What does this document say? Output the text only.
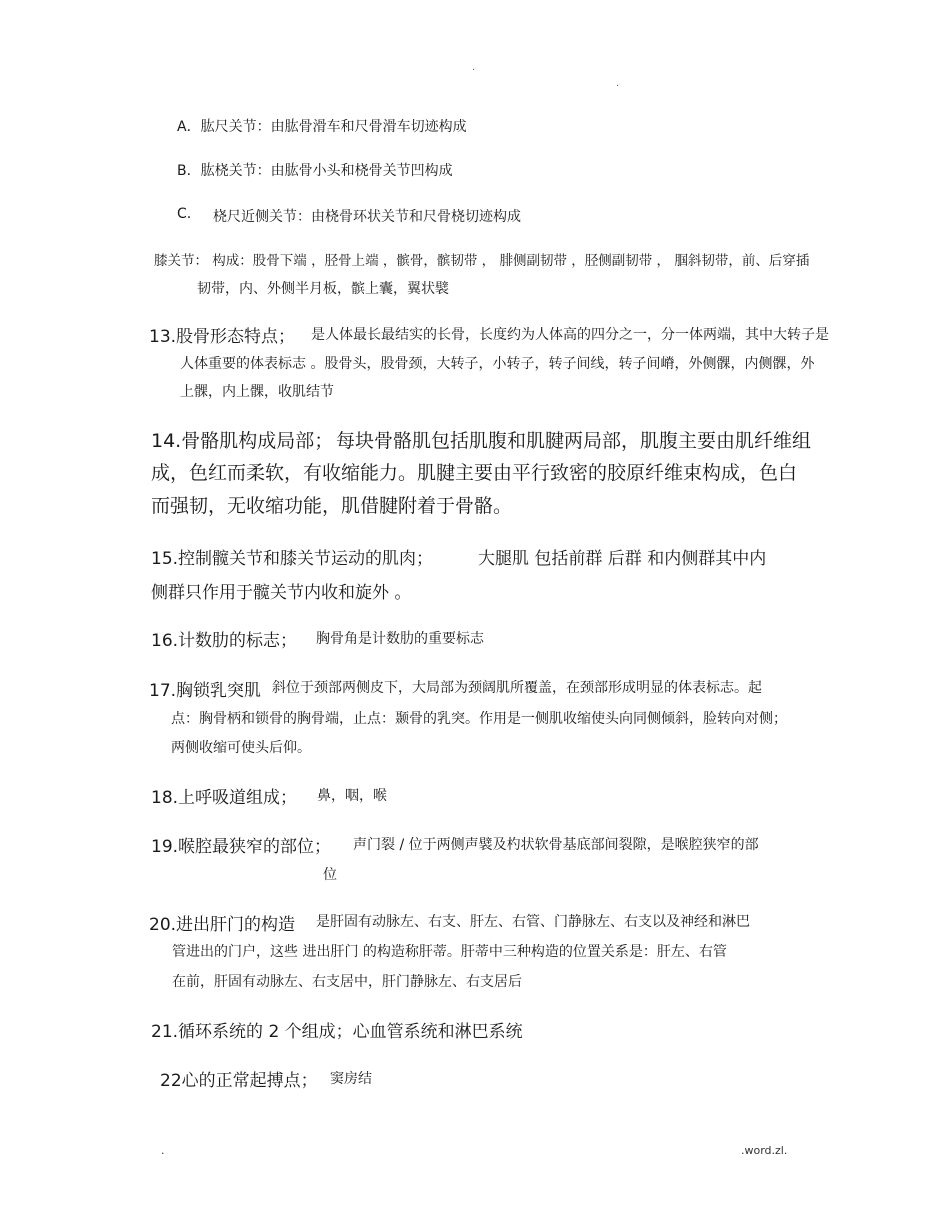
.
.
A．肱尺关节：由肱骨滑车和尺骨滑车切迹构成
B．肱桡关节：由肱骨小头和桡骨关节凹构成
C. 桡尺近侧关节：由桡骨环状关节和尺骨桡切迹构成
膝关节： 构成：股骨下端 ，胫骨上端 ，髌骨，髌韧带 ， 腓侧副韧带 ，胫侧副韧带 ， 腘斜韧带，前、后穿插
韧带，内、外侧半月板，髌上囊，翼状襞
13.股骨形态特点； 是人体最长最结实的长骨，长度约为人体高的四分之一，分一体两端，其中大转子是
人体重要的体表标志 。股骨头，股骨颈，大转子，小转子，转子间线，转子间嵴，外侧髁，内侧髁，外
上髁，内上髁，收肌结节
14.骨骼肌构成局部； 每块骨骼肌包括肌腹和肌腱两局部，肌腹主要由肌纤维组
成，色红而柔软，有收缩能力。肌腱主要由平行致密的胶原纤维束构成，色白
而强韧，无收缩功能，肌借腱附着于骨骼。
15.控制髋关节和膝关节运动的肌肉；	大腿肌 包括前群 后群 和内侧群其中内
侧群只作用于髋关节内收和旋外 。
16.计数肋的标志； 胸骨角是计数肋的重要标志
17.胸锁乳突肌 斜位于颈部两侧皮下，大局部为颈阔肌所覆盖，在颈部形成明显的体表标志。起
点：胸骨柄和锁骨的胸骨端，止点：颞骨的乳突。作用是一侧肌收缩使头向同侧倾斜，脸转向对侧；
两侧收缩可使头后仰。
18.上呼吸道组成； 鼻，咽，喉
19.喉腔最狭窄的部位； 声门裂 / 位于两侧声襞及杓状软骨基底部间裂隙，是喉腔狭窄的部
位
20.进出肝门的构造 是肝固有动脉左、右支、肝左、右管、门静脉左、右支以及神经和淋巴
管进出的门户，这些 进出肝门 的构造称肝蒂。肝蒂中三种构造的位置关系是：肝左、右管
在前，肝固有动脉左、右支居中，肝门静脉左、右支居后
21.循环系统的 2 个组成；心血管系统和淋巴系统
22心的正常起搏点； 窦房结
.	.word.zl.
